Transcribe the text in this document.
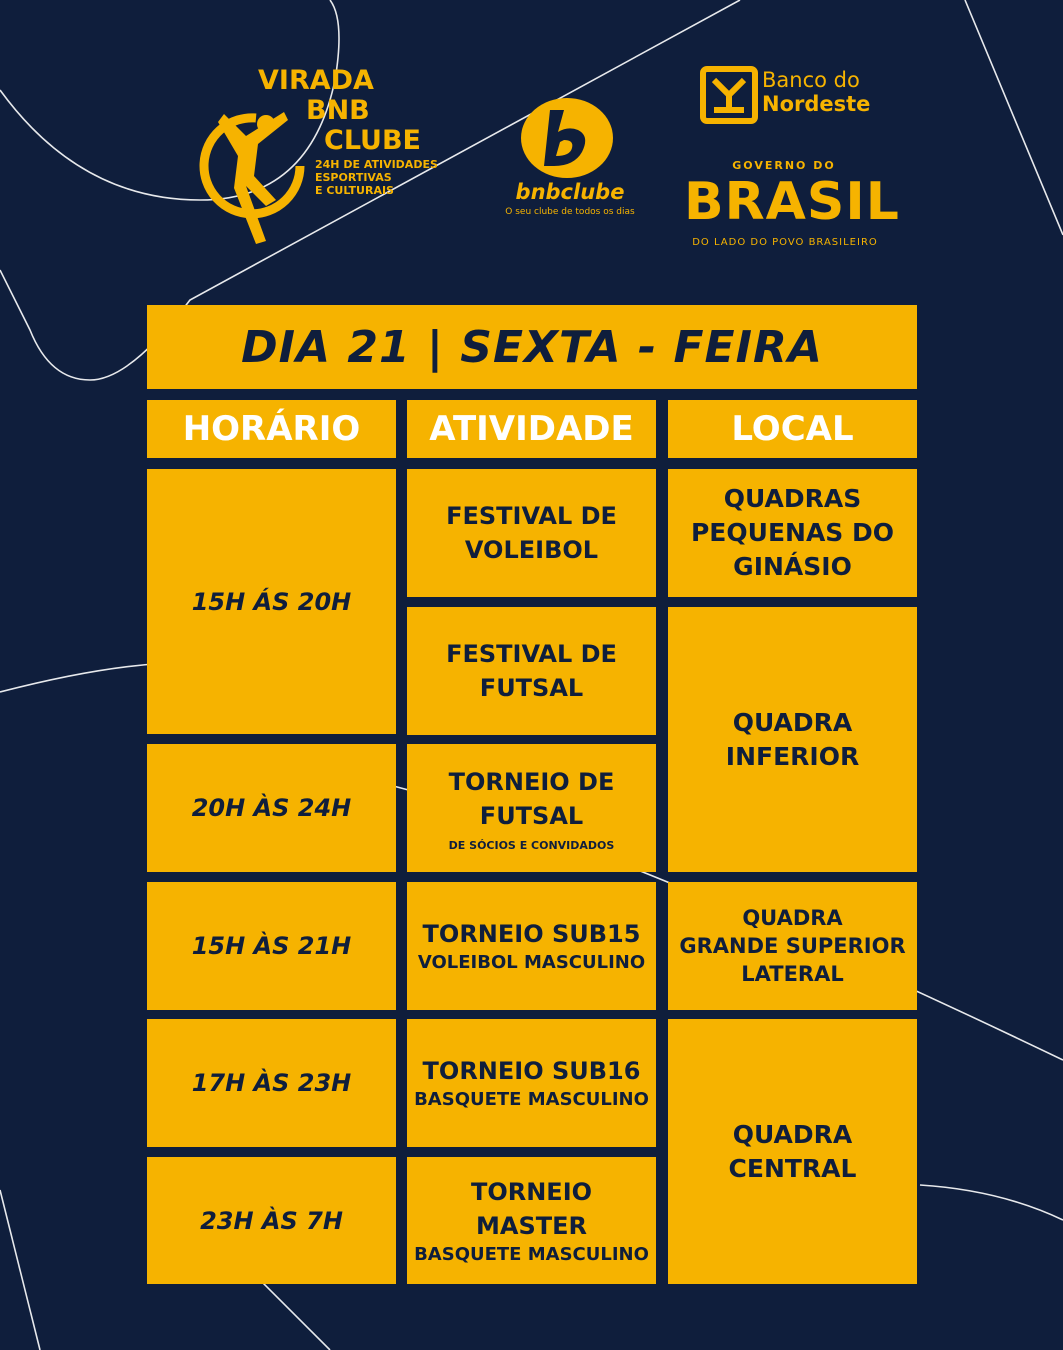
VIRADA
BNB
CLUBE
24H DE ATIVIDADES
ESPORTIVAS
E CULTURAIS	bnbclube
O seu clube de todos os dias
Banco do
Nordeste
GOVERNO DO
BRASIL
DO LADO DO POVO BRASILEIRO
DIA 21 | SEXTA - FEIRA
HORÁRIO ATIVIDADE	LOCAL
15H ÁS 20H
20H ÀS 24H
15H ÀS 21H
17H ÀS 23H
23H ÀS 7H
FESTIVAL DE
VOLEIBOL
FESTIVAL DE
FUTSAL
TORNEIO DE
FUTSAL
DE SÓCIOS E CONVIDADOS
TORNEIO SUB15
VOLEIBOL MASCULINO
TORNEIO SUB16
BASQUETE MASCULINO
TORNEIO
MASTER
BASQUETE MASCULINO
QUADRAS
PEQUENAS DO
GINÁSIO
QUADRA
INFERIOR
QUADRA
GRANDE SUPERIOR
LATERAL
QUADRA
CENTRAL
